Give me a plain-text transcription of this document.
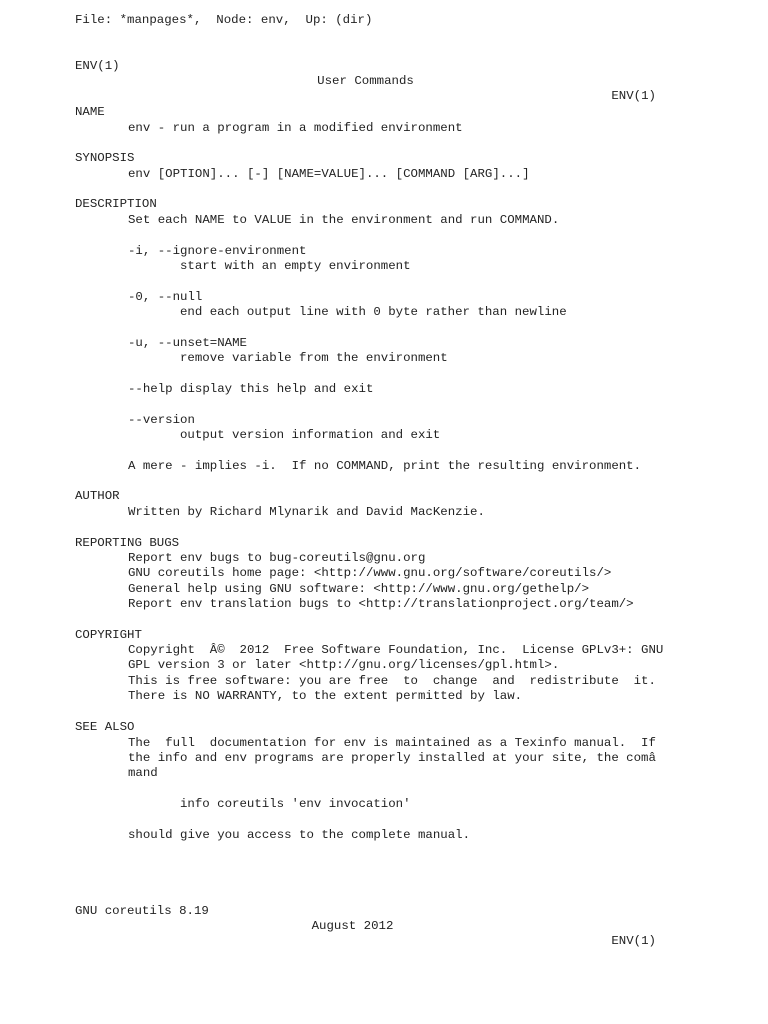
File: *manpages*,  Node: env,  Up: (dir)

ENV(1)

User Commands

ENV(1)

NAME
env - run a program in a modified environment
SYNOPSIS
env [OPTION]... [-] [NAME=VALUE]... [COMMAND [ARG]...]
DESCRIPTION
Set each NAME to VALUE in the environment and run COMMAND.
-i, --ignore-environment
start with an empty environment
-0, --null
end each output line with 0 byte rather than newline
-u, --unset=NAME
remove variable from the environment
--help display this help and exit
--version
output version information and exit
A mere - implies -i.  If no COMMAND, print the resulting environment.
AUTHOR
Written by Richard Mlynarik and David MacKenzie.
REPORTING BUGS
Report env bugs to bug-coreutils@gnu.org
GNU coreutils home page: <http://www.gnu.org/software/coreutils/>
General help using GNU software: <http://www.gnu.org/gethelp/>
Report env translation bugs to <http://translationproject.org/team/>
COPYRIGHT
Copyright  Â©  2012  Free Software Foundation, Inc.  License GPLv3+: GNU
GPL version 3 or later <http://gnu.org/licenses/gpl.html>.
This is free software: you are free  to  change  and  redistribute  it.
There is NO WARRANTY, to the extent permitted by law.
SEE ALSO
The  full  documentation for env is maintained as a Texinfo manual.  If
the info and env programs are properly installed at your site, the comâ
mand
info coreutils 'env invocation'
should give you access to the complete manual.

GNU coreutils 8.19

August 2012

ENV(1)
